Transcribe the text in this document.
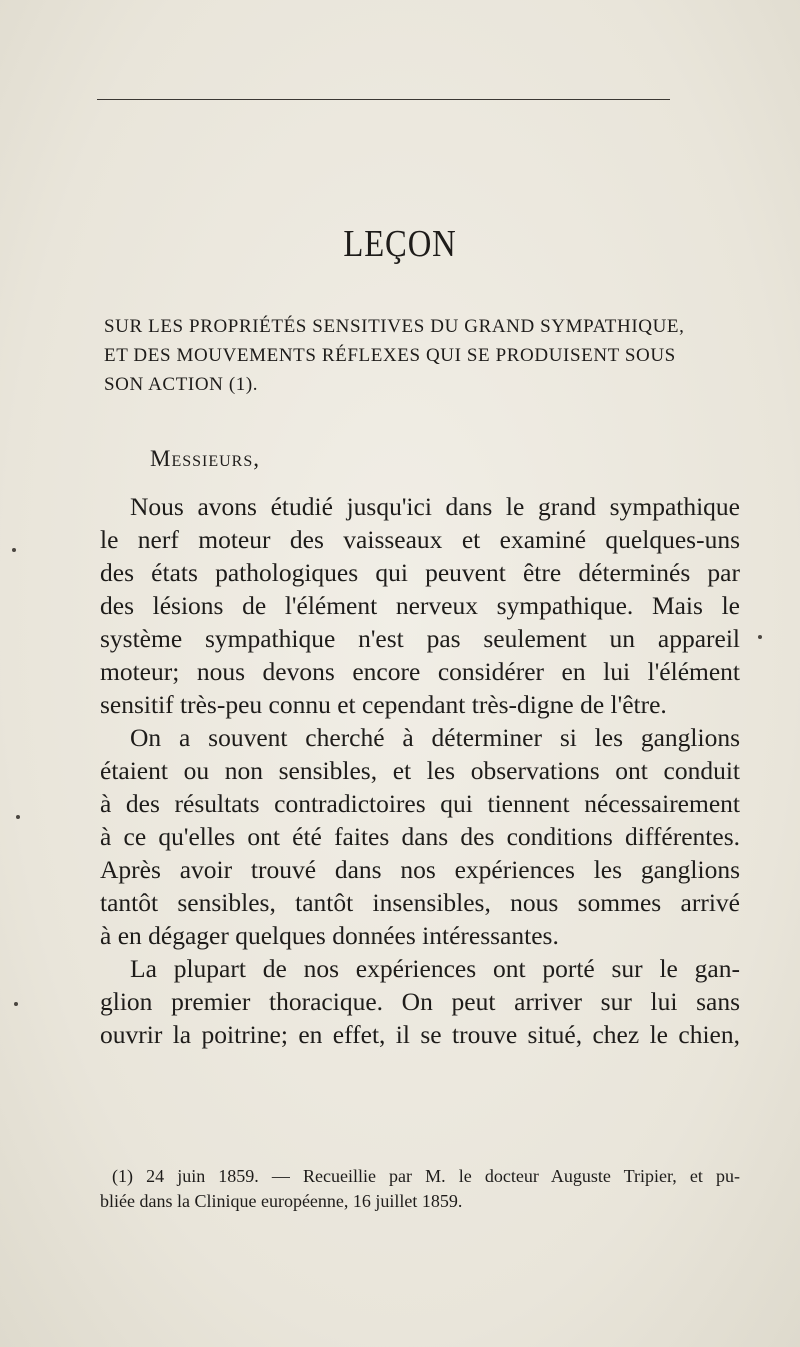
LEÇON
SUR LES PROPRIÉTÉS SENSITIVES DU GRAND SYMPATHIQUE,
ET DES MOUVEMENTS RÉFLEXES QUI SE PRODUISENT SOUS
SON ACTION (1).
Messieurs,
Nous avons étudié jusqu'ici dans le grand sympathique
le nerf moteur des vaisseaux et examiné quelques-uns
des états pathologiques qui peuvent être déterminés par
des lésions de l'élément nerveux sympathique. Mais le
système sympathique n'est pas seulement un appareil
moteur; nous devons encore considérer en lui l'élément
sensitif très-peu connu et cependant très-digne de l'être.
On a souvent cherché à déterminer si les ganglions
étaient ou non sensibles, et les observations ont conduit
à des résultats contradictoires qui tiennent nécessairement
à ce qu'elles ont été faites dans des conditions différentes.
Après avoir trouvé dans nos expériences les ganglions
tantôt sensibles, tantôt insensibles, nous sommes arrivé
à en dégager quelques données intéressantes.
La plupart de nos expériences ont porté sur le gan-
glion premier thoracique. On peut arriver sur lui sans
ouvrir la poitrine; en effet, il se trouve situé, chez le chien,
(1) 24 juin 1859. — Recueillie par M. le docteur Auguste Tripier, et pu-
bliée dans la Clinique européenne, 16 juillet 1859.
